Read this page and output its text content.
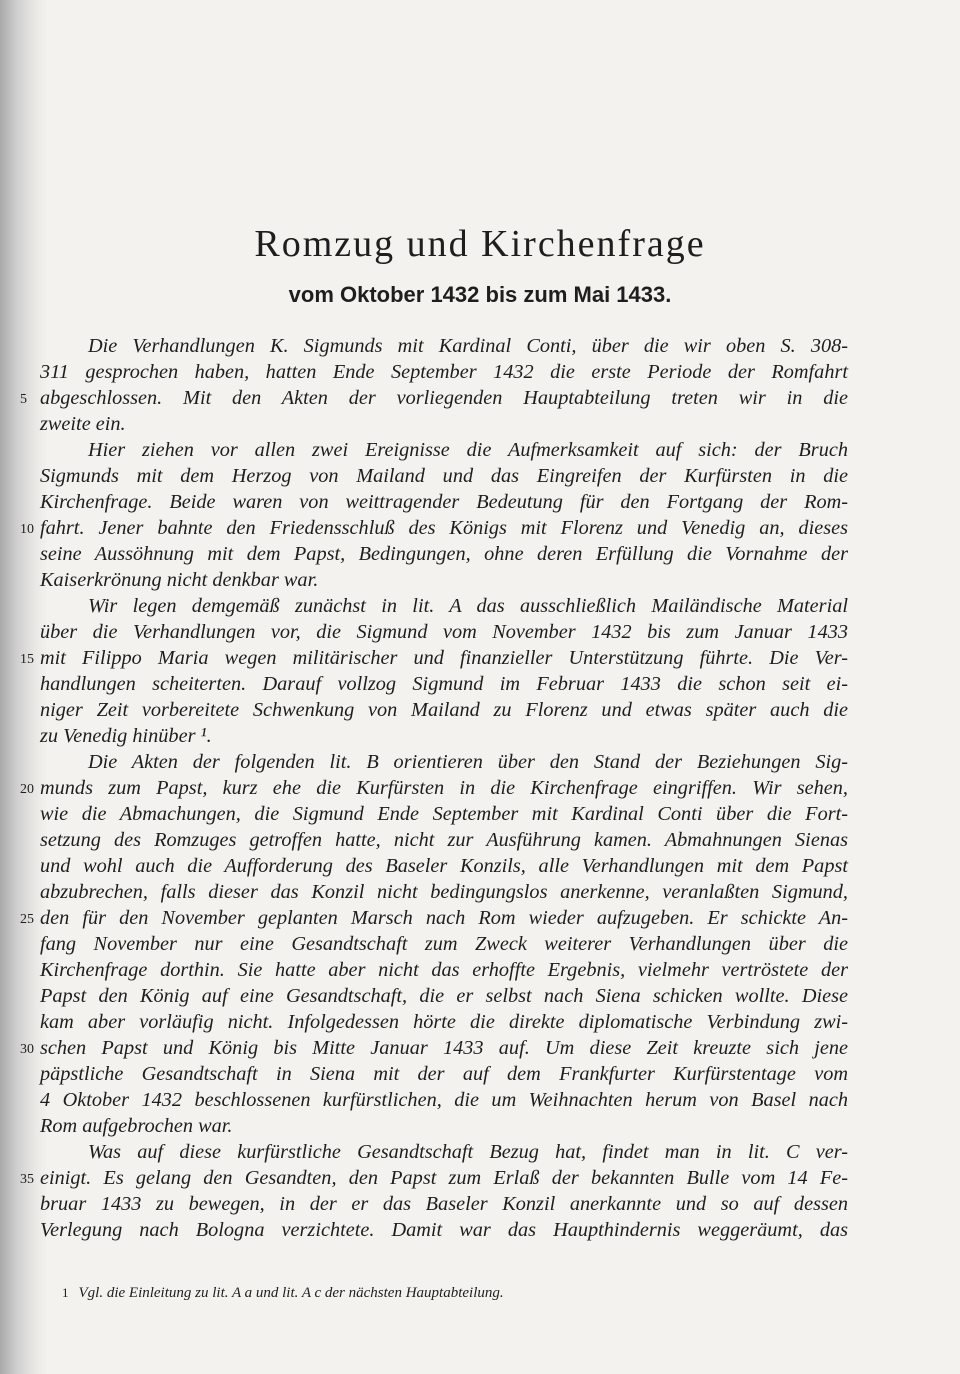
Romzug und Kirchenfrage
vom Oktober 1432 bis zum Mai 1433.
Die Verhandlungen K. Sigmunds mit Kardinal Conti, über die wir oben S. 308-
311 gesprochen haben, hatten Ende September 1432 die erste Periode der Romfahrt
abgeschlossen. Mit den Akten der vorliegenden Hauptabteilung treten wir in die
zweite ein.
Hier ziehen vor allen zwei Ereignisse die Aufmerksamkeit auf sich: der Bruch
Sigmunds mit dem Herzog von Mailand und das Eingreifen der Kurfürsten in die
Kirchenfrage. Beide waren von weittragender Bedeutung für den Fortgang der Rom-
fahrt. Jener bahnte den Friedensschluß des Königs mit Florenz und Venedig an, dieses
seine Aussöhnung mit dem Papst, Bedingungen, ohne deren Erfüllung die Vornahme der
Kaiserkrönung nicht denkbar war.
Wir legen demgemäß zunächst in lit. A das ausschließlich Mailändische Material
über die Verhandlungen vor, die Sigmund vom November 1432 bis zum Januar 1433
mit Filippo Maria wegen militärischer und finanzieller Unterstützung führte. Die Ver-
handlungen scheiterten. Darauf vollzog Sigmund im Februar 1433 die schon seit ei-
niger Zeit vorbereitete Schwenkung von Mailand zu Florenz und etwas später auch die
zu Venedig hinüber ¹.
Die Akten der folgenden lit. B orientieren über den Stand der Beziehungen Sig-
munds zum Papst, kurz ehe die Kurfürsten in die Kirchenfrage eingriffen. Wir sehen,
wie die Abmachungen, die Sigmund Ende September mit Kardinal Conti über die Fort-
setzung des Romzuges getroffen hatte, nicht zur Ausführung kamen. Abmahnungen Sienas
und wohl auch die Aufforderung des Baseler Konzils, alle Verhandlungen mit dem Papst
abzubrechen, falls dieser das Konzil nicht bedingungslos anerkenne, veranlaßten Sigmund,
den für den November geplanten Marsch nach Rom wieder aufzugeben. Er schickte An-
fang November nur eine Gesandtschaft zum Zweck weiterer Verhandlungen über die
Kirchenfrage dorthin. Sie hatte aber nicht das erhoffte Ergebnis, vielmehr vertröstete der
Papst den König auf eine Gesandtschaft, die er selbst nach Siena schicken wollte. Diese
kam aber vorläufig nicht. Infolgedessen hörte die direkte diplomatische Verbindung zwi-
schen Papst und König bis Mitte Januar 1433 auf. Um diese Zeit kreuzte sich jene
päpstliche Gesandtschaft in Siena mit der auf dem Frankfurter Kurfürstentage vom
4 Oktober 1432 beschlossenen kurfürstlichen, die um Weihnachten herum von Basel nach
Rom aufgebrochen war.
Was auf diese kurfürstliche Gesandtschaft Bezug hat, findet man in lit. C ver-
einigt. Es gelang den Gesandten, den Papst zum Erlaß der bekannten Bulle vom 14 Fe-
bruar 1433 zu bewegen, in der er das Baseler Konzil anerkannte und so auf dessen
Verlegung nach Bologna verzichtete. Damit war das Haupthindernis weggeräumt, das
5
10
15
20
25
30
35
1 Vgl. die Einleitung zu lit. A a und lit. A c der nächsten Hauptabteilung.
